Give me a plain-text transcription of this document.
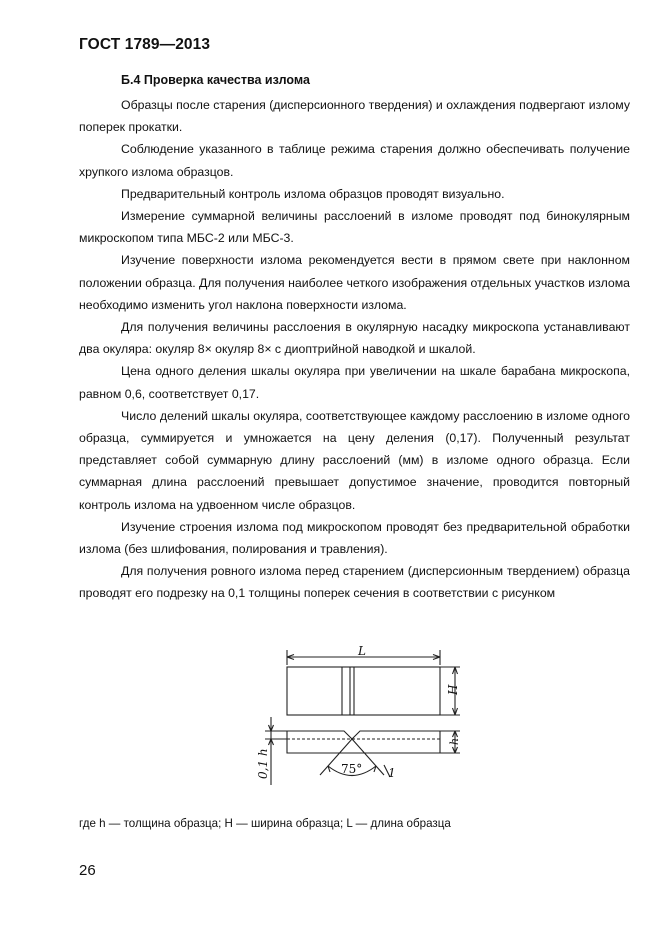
ГОСТ 1789—2013
Б.4 Проверка качества излома

Образцы после старения (дисперсионного твердения) и охлаждения подвергают излому поперек прокатки.

Соблюдение указанного в таблице режима старения должно обеспечивать получение хрупкого излома образцов.

Предварительный контроль излома образцов проводят визуально.

Измерение суммарной величины расслоений в изломе проводят под бинокулярным микроскопом типа МБС-2 или МБС-3.

Изучение поверхности излома рекомендуется вести в прямом свете при наклонном положении образца. Для получения наиболее четкого изображения отдельных участков излома необходимо изменить угол наклона поверхности излома.

Для получения величины расслоения в окулярную насадку микроскопа устанавливают два окуляра: окуляр 8× окуляр 8× с диоптрийной наводкой и шкалой.

Цена одного деления шкалы окуляра при увеличении на шкале барабана микроскопа, равном 0,6, соответствует 0,17.

Число делений шкалы окуляра, соответствующее каждому расслоению в изломе одного образца, суммируется и умножается на цену деления (0,17). Полученный результат представляет собой суммарную длину расслоений (мм) в изломе одного образца. Если суммарная длина расслоений превышает допустимое значение, проводится повторный контроль излома на удвоенном числе образцов.

Изучение строения излома под микроскопом проводят без предварительной обработки излома (без шлифования, полирования и травления).

Для получения ровного излома перед старением (дисперсионным твердением) образца проводят его подрезку на 0,1 толщины поперек сечения в соответствии с рисунком

L
H
h
0,1 h	75° 1
где h — толщина образца; H — ширина образца; L — длина образца
26
